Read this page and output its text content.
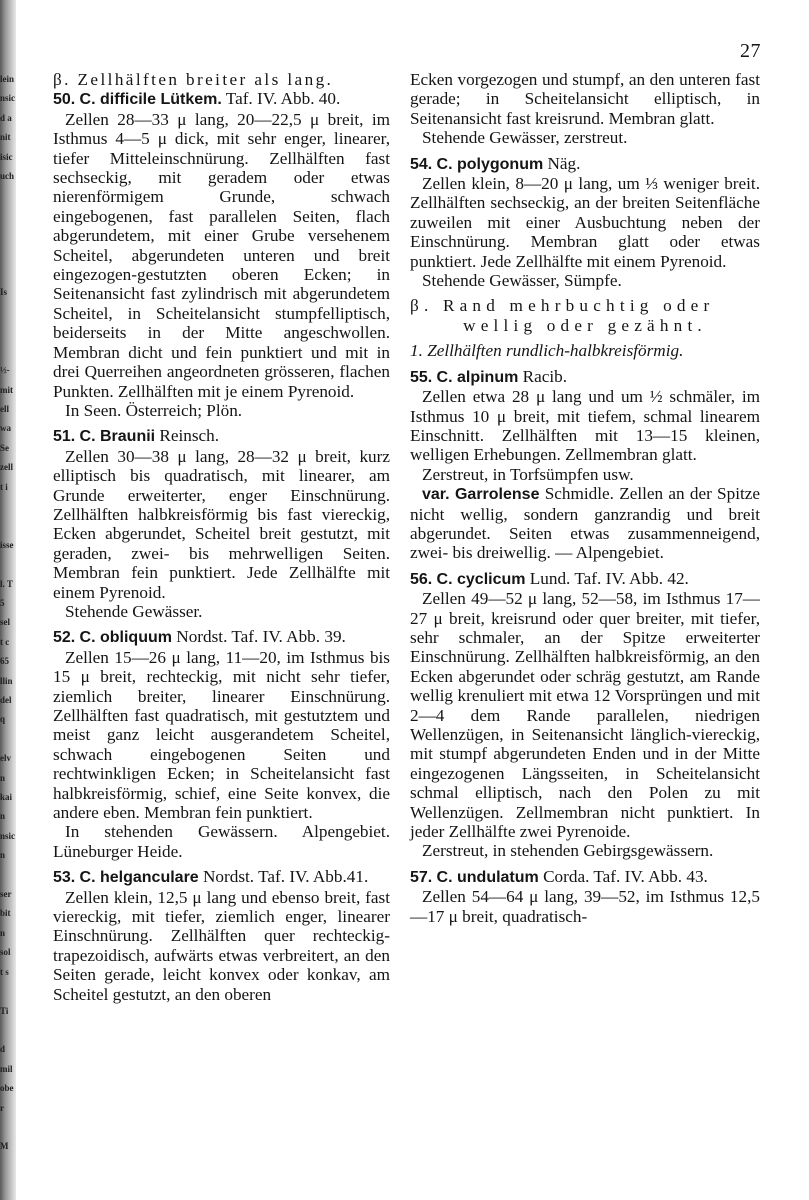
lein
nsic
d a
nit
isic
uch

Is

½-
mit
ell
wa
Se
zell
t i

isse

l. T
5
sel
t c
65
llin
del
q

elv
n
kai
n
nsic
n

ser
bit
n
sol
t s

Ti

d
mil
obe
r

M
27

β. Zellhälften breiter als lang.

50. C. difficile Lütkem. Taf. IV. Abb. 40.

Zellen 28—33 μ lang, 20—22,5 μ breit, im Isthmus 4—5 μ dick, mit sehr enger, linearer, tiefer Mitteleinschnürung. Zellhälften fast sechseckig, mit geradem oder etwas nierenförmigem Grunde, schwach eingebogenen, fast parallelen Seiten, flach abgerundetem, mit einer Grube versehenem Scheitel, abgerundeten unteren und breit eingezogen-gestutzten oberen Ecken; in Seitenansicht fast zylindrisch mit abgerundetem Scheitel, in Scheitelansicht stumpfelliptisch, beiderseits in der Mitte angeschwollen. Membran dicht und fein punktiert und mit in drei Querreihen angeordneten grösseren, flachen Punkten. Zellhälften mit je einem Pyrenoid.

In Seen. Österreich; Plön.

51. C. Braunii Reinsch.

Zellen 30—38 μ lang, 28—32 μ breit, kurz elliptisch bis quadratisch, mit linearer, am Grunde erweiterter, enger Einschnürung. Zellhälften halbkreisförmig bis fast viereckig, Ecken abgerundet, Scheitel breit gestutzt, mit geraden, zwei- bis mehrwelligen Seiten. Membran fein punktiert. Jede Zellhälfte mit einem Pyrenoid.

Stehende Gewässer.

52. C. obliquum Nordst. Taf. IV. Abb. 39.

Zellen 15—26 μ lang, 11—20, im Isthmus bis 15 μ breit, rechteckig, mit nicht sehr tiefer, ziemlich breiter, linearer Einschnürung. Zellhälften fast quadratisch, mit gestutztem und meist ganz leicht ausgerandetem Scheitel, schwach eingebogenen Seiten und rechtwinkligen Ecken; in Scheitelansicht fast halbkreisförmig, schief, eine Seite konvex, die andere eben. Membran fein punktiert.

In stehenden Gewässern. Alpengebiet. Lüneburger Heide.

53. C. helgancularе Nordst. Taf. IV. Abb.41.

Zellen klein, 12,5 μ lang und ebenso breit, fast viereckig, mit tiefer, ziemlich enger, linearer Einschnürung. Zellhälften quer rechteckig-trapezoidisch, aufwärts etwas verbreitert, an den Seiten gerade, leicht konvex oder konkav, am Scheitel gestutzt, an den oberen

Ecken vorgezogen und stumpf, an den unteren fast gerade; in Scheitelansicht elliptisch, in Seitenansicht fast kreisrund. Membran glatt.

Stehende Gewässer, zerstreut.

54. C. polygonum Näg.

Zellen klein, 8—20 μ lang, um ⅓ weniger breit. Zellhälften sechseckig, an der breiten Seitenfläche zuweilen mit einer Ausbuchtung neben der Einschnürung. Membran glatt oder etwas punktiert. Jede Zellhälfte mit einem Pyrenoid.

Stehende Gewässer, Sümpfe.

β. Rand mehrbuchtig oder

wellig oder gezähnt.

1. Zellhälften rundlich-halbkreisförmig.

55. C. alpinum Racib.

Zellen etwa 28 μ lang und um ½ schmäler, im Isthmus 10 μ breit, mit tiefem, schmal linearem Einschnitt. Zellhälften mit 13—15 kleinen, welligen Erhebungen. Zellmembran glatt.

Zerstreut, in Torfsümpfen usw.

var. Garrolense Schmidle. Zellen an der Spitze nicht wellig, sondern ganzrandig und breit abgerundet. Seiten etwas zusammenneigend, zwei- bis dreiwellig. — Alpengebiet.

56. C. cyclicum Lund. Taf. IV. Abb. 42.

Zellen 49—52 μ lang, 52—58, im Isthmus 17—27 μ breit, kreisrund oder quer breiter, mit tiefer, sehr schmaler, an der Spitze erweiterter Einschnürung. Zellhälften halbkreisförmig, an den Ecken abgerundet oder schräg gestutzt, am Rande wellig krenuliert mit etwa 12 Vorsprüngen und mit 2—4 dem Rande parallelen, niedrigen Wellenzügen, in Seitenansicht länglich-viereckig, mit stumpf abgerundeten Enden und in der Mitte eingezogenen Längsseiten, in Scheitelansicht schmal elliptisch, nach den Polen zu mit Wellenzügen. Zellmembran nicht punktiert. In jeder Zellhälfte zwei Pyrenoide.

Zerstreut, in stehenden Gebirgsgewässern.

57. C. undulatum Corda. Taf. IV. Abb. 43.

Zellen 54—64 μ lang, 39—52, im Isthmus 12,5—17 μ breit, quadratisch-
